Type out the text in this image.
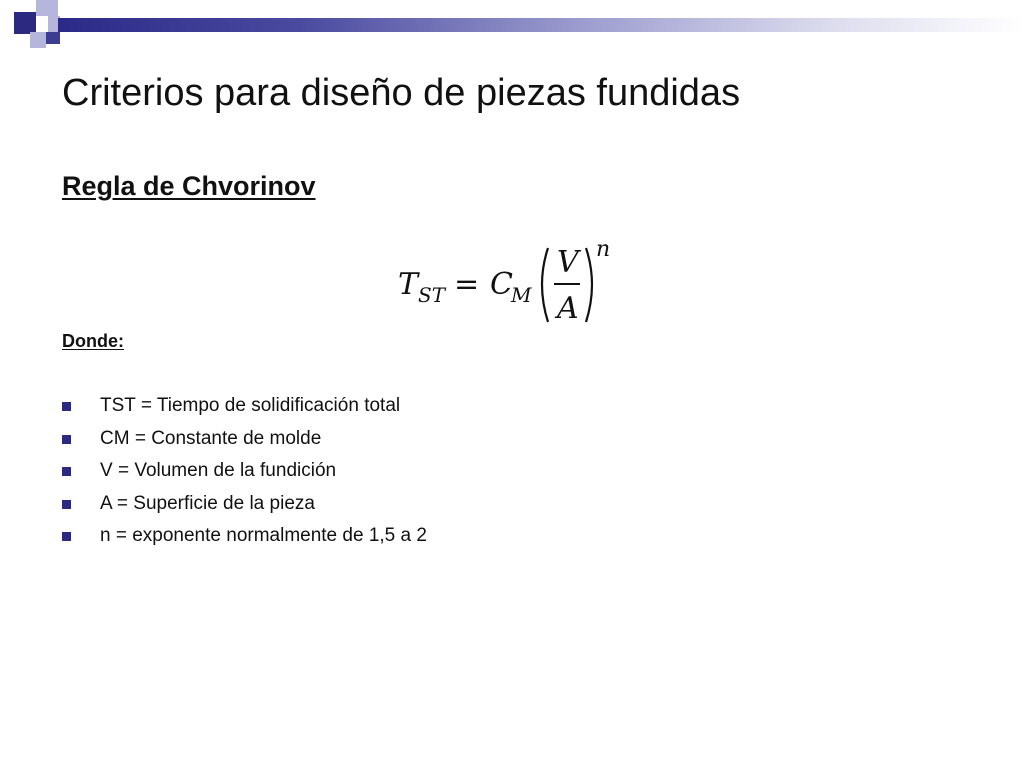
Criterios para diseño de piezas fundidas
Regla de Chvorinov
T ST = C
M
V
A
n

Donde:

TST = Tiempo de solidificación total
CM = Constante de molde
V = Volumen de la fundición
A = Superficie de la pieza
n = exponente normalmente de 1,5 a 2
